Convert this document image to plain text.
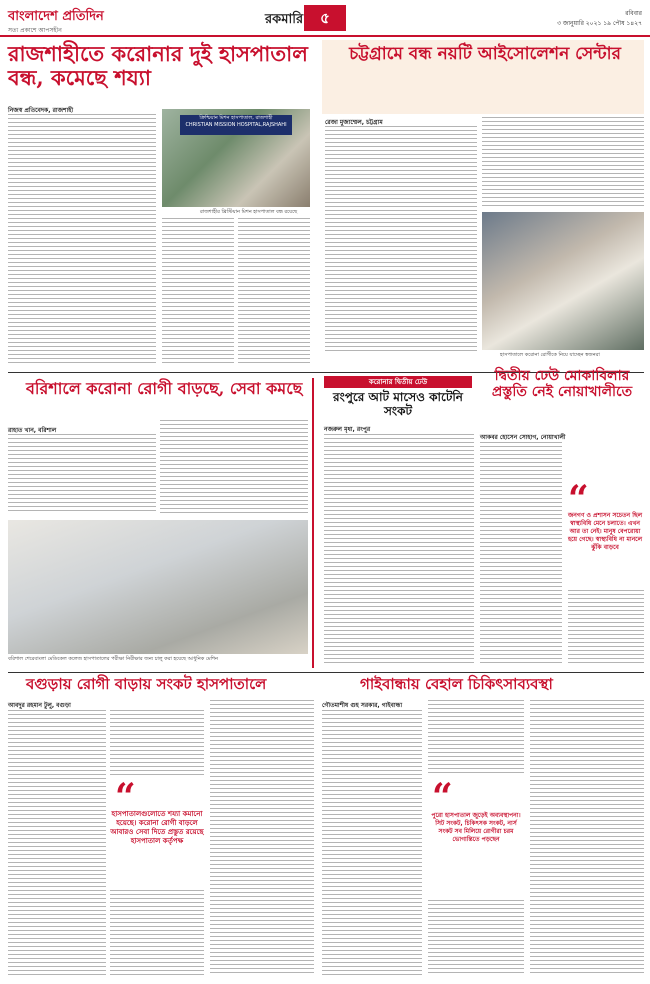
বাংলাদেশ প্রতিদিন
সত্য প্রকাশে আপসহীন
রকমারি	৫	রবিবার
৩ জানুয়ারি ২০২১ ১৯ পৌষ ১৪২৭
রাজশাহীতে করোনার দুই হাসপাতাল বন্ধ, কমেছে শয্যা
নিজস্ব প্রতিবেদক, রাজশাহী
ক্রিশ্চিয়ান মিশন হাসপাতাল, রাজশাহী
CHRISTIAN MISSION HOSPITAL,RAJSHAHI
রাজশাহীর খ্রিস্টিয়ান মিশন হাসপাতাল বন্ধ রয়েছে
চট্টগ্রামে বন্ধ নয়টি আইসোলেশন সেন্টার
রেজা মুজাম্মেল, চট্টগ্রাম
হাসপাতালে করোনা রোগীকে নিয়ে যাচ্ছেন স্বজনরা
বরিশালে করোনা রোগী বাড়ছে, সেবা কমছে
রাহাত খান, বরিশাল
বরিশাল শেরেবাংলা মেডিকেল কলেজ হাসপাতালের পরীক্ষা নিরীক্ষার জন্য চালু করা হয়েছে আধুনিক মেশিন
করোনার দ্বিতীয় ঢেউ
রংপুরে আট মাসেও কাটেনি সংকট
নজরুল মৃধা, রংপুর
দ্বিতীয় ঢেউ মোকাবিলার প্রস্তুতি নেই নোয়াখালীতে
আকবর হোসেন সোহাগ, নোয়াখালী
“
জনগণ ও প্রশাসন সচেতন ছিল স্বাস্থ্যবিধি মেনে চলাতে। এখন আর তা নেই। মানুষ বেপরোয়া হয়ে গেছে। স্বাস্থ্যবিধি না মানলে ঝুঁকি বাড়বে
বগুড়ায় রোগী বাড়ায় সংকট হাসপাতালে
আবদুর রহমান টুলু, বগুড়া
“
হাসপাতালগুলোতে শয্যা কমানো হয়েছে। করোনা রোগী বাড়লে আবারও সেবা দিতে প্রস্তুত রয়েছে হাসপাতাল কর্তৃপক্ষ
গাইবান্ধায় বেহাল চিকিৎসাব্যবস্থা
গৌতমাশীষ গুহ সরকার, গাইবান্ধা
“
পুরো হাসপাতাল জুড়েই অব্যবস্থাপনা। সিট সংকট, চিকিৎসক সংকট, নার্স সংকট সব মিলিয়ে রোগীরা চরম ভোগান্তিতে পড়ছেন
